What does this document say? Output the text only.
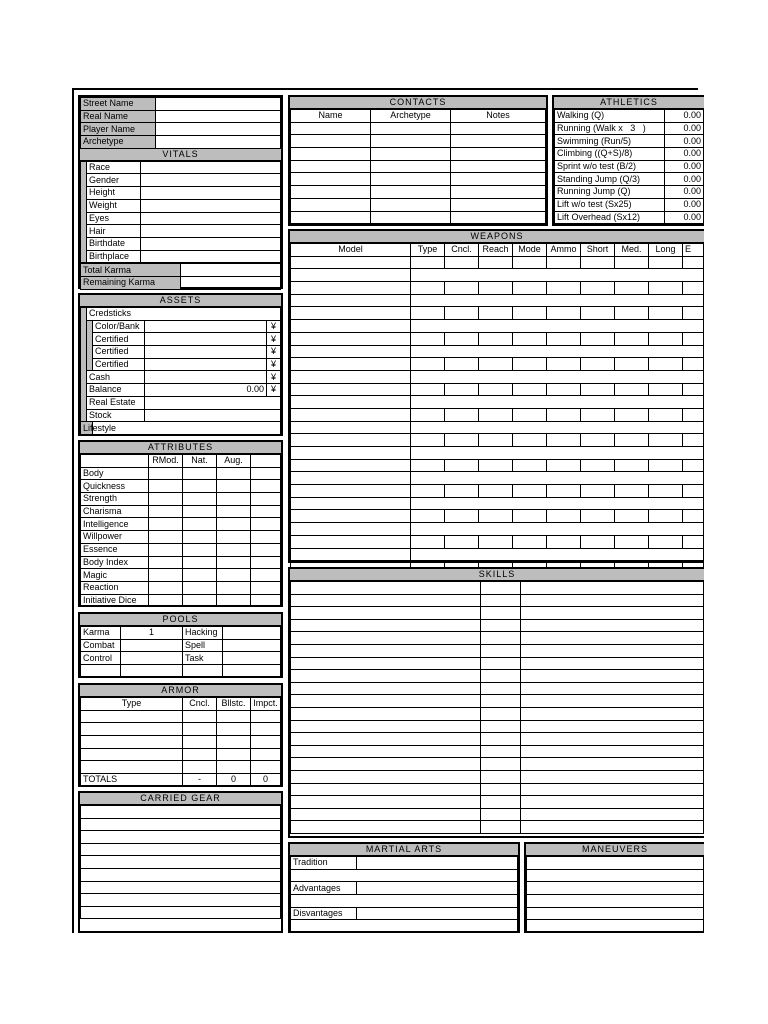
Street Name	
Real Name	
Player Name	
Archetype	
VITALS
	Race	
	Gender	
	Height	
	Weight	
	Eyes	
	Hair	
	Birthdate	
	Birthplace	
Total Karma	
Remaining Karma	
ASSETS
	Credsticks			
		Color/Bank		¥
		Certified		¥
		Certified		¥
		Certified		¥
	Cash			¥
	Balance		0.00	¥
	Real Estate			
	Stock			
Lifestyle				
ATTRIBUTES
	RMod.	Nat.	Aug.	
Body				
Quickness				
Strength				
Charisma				
Intelligence				
Willpower				
Essence				
Body Index				
Magic				
Reaction				
Initiative Dice				
POOLS
Karma	1	Hacking	
Combat		Spell	
Control		Task	

ARMOR
Type	Cncl.	Bllstc.	Impct.

TOTALS	-	0	0
CARRIED GEAR

CONTACTS
Name	Archetype	Notes

ATHLETICS
Walking (Q)	0.00
Running (Walk x 3 )	0.00
Swimming (Run/5)	0.00
Climbing ((Q+S)/8)	0.00
Sprint w/o test (B/2)	0.00
Standing Jump (Q/3)	0.00
Running Jump (Q)	0.00
Lift w/o test (Sx25)	0.00
Lift Overhead (Sx12)	0.00
WEAPONS
Model	Type	Cncl.	Reach	Mode	Ammo	Short	Med.	Long	E

SKILLS

MARTIAL ARTS
Tradition	

Advantages	

Disvantages	

MANEUVERS
